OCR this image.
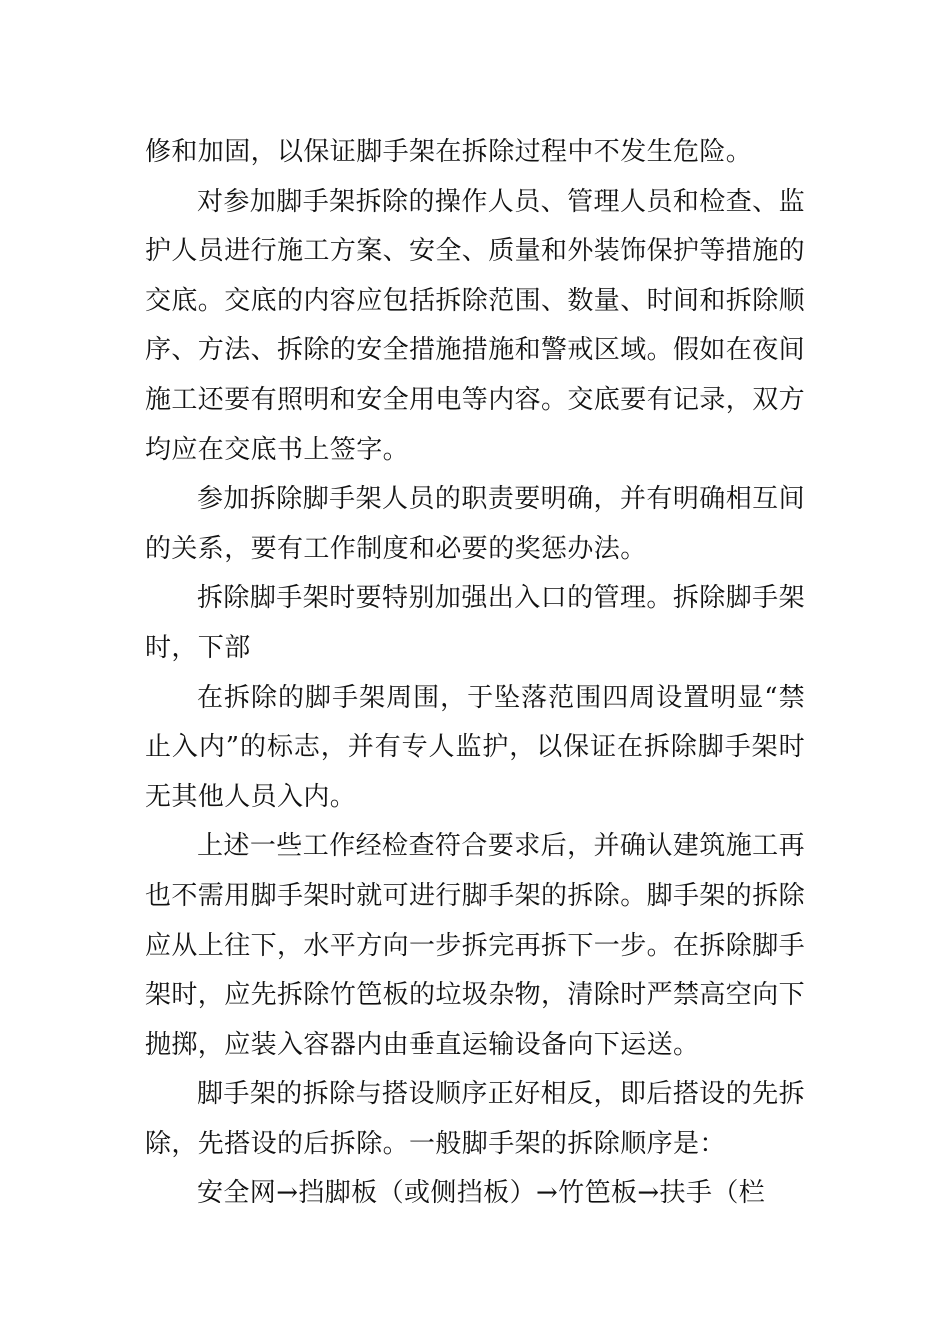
修和加固，以保证脚手架在拆除过程中不发生危险。

对参加脚手架拆除的操作人员、管理人员和检查、监护人员进行施工方案、安全、质量和外装饰保护等措施的交底。交底的内容应包括拆除范围、数量、时间和拆除顺序、方法、拆除的安全措施措施和警戒区域。假如在夜间施工还要有照明和安全用电等内容。交底要有记录，双方均应在交底书上签字。

参加拆除脚手架人员的职责要明确，并有明确相互间的关系，要有工作制度和必要的奖惩办法。

拆除脚手架时要特别加强出入口的管理。拆除脚手架时，下部

在拆除的脚手架周围，于坠落范围四周设置明显“禁止入内”的标志，并有专人监护，以保证在拆除脚手架时无其他人员入内。

上述一些工作经检查符合要求后，并确认建筑施工再也不需用脚手架时就可进行脚手架的拆除。脚手架的拆除应从上往下，水平方向一步拆完再拆下一步。在拆除脚手架时，应先拆除竹笆板的垃圾杂物，清除时严禁高空向下抛掷，应装入容器内由垂直运输设备向下运送。

脚手架的拆除与搭设顺序正好相反，即后搭设的先拆除，先搭设的后拆除。一般脚手架的拆除顺序是：

安全网→挡脚板（或侧挡板）→竹笆板→扶手（栏
